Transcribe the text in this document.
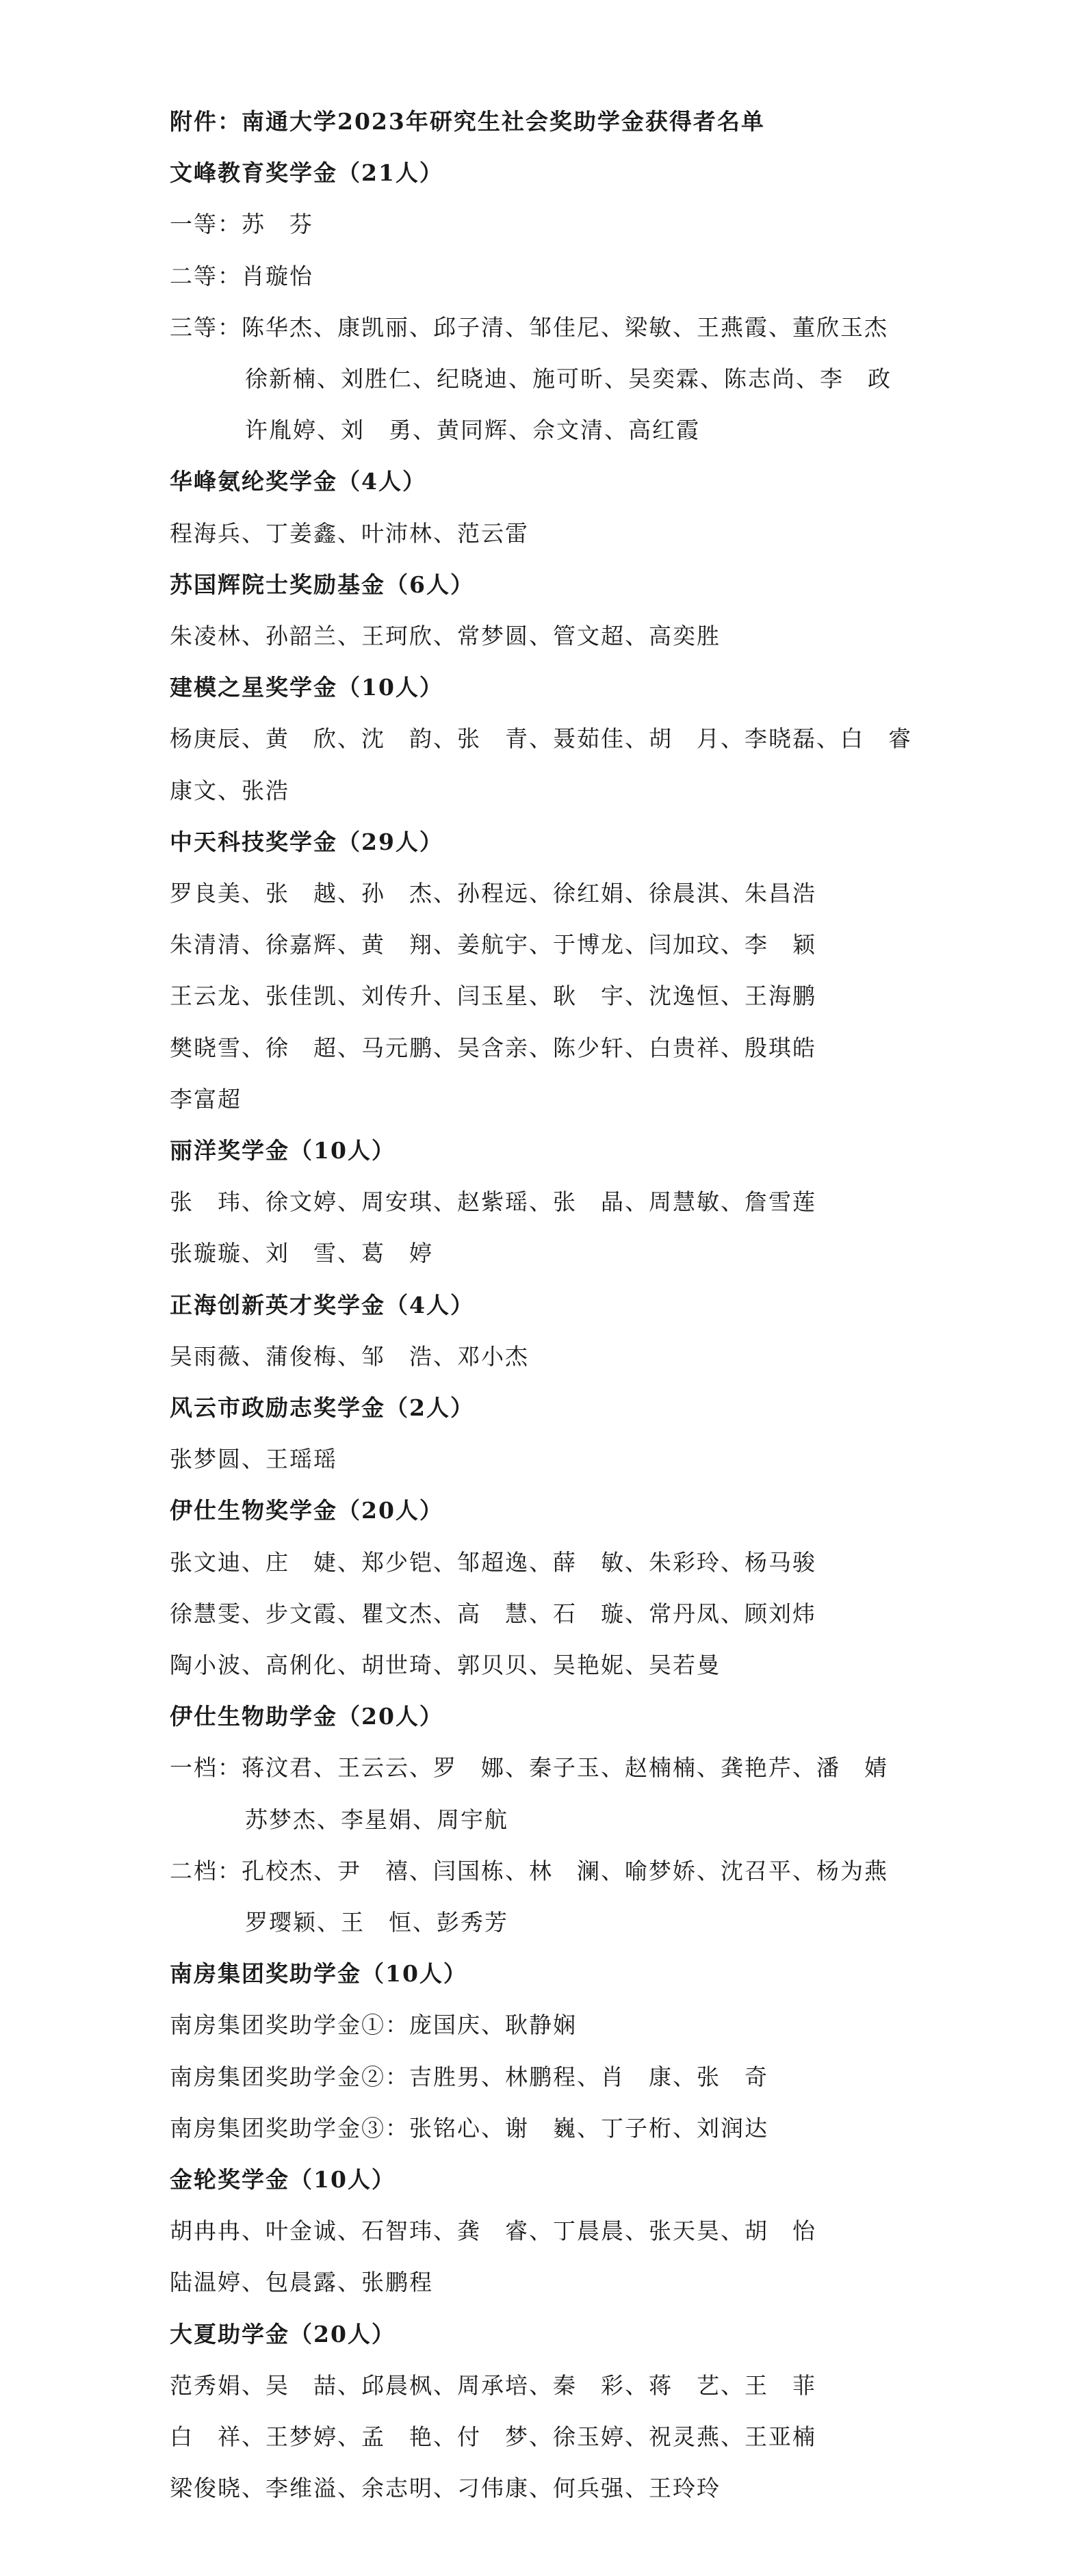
附件：南通大学2023年研究生社会奖助学金获得者名单
文峰教育奖学金（21人）
一等：苏　芬
二等：肖璇怡
三等：陈华杰、康凯丽、邱子清、邹佳尼、梁敏、王燕霞、董欣玉杰
徐新楠、刘胜仁、纪晓迪、施可昕、吴奕霖、陈志尚、李　政
许胤婷、刘　勇、黄同辉、佘文清、高红霞
华峰氨纶奖学金（4人）
程海兵、丁姜鑫、叶沛林、范云雷
苏国辉院士奖励基金（6人）
朱凌林、孙韶兰、王珂欣、常梦圆、管文超、高奕胜
建模之星奖学金（10人）
杨庚辰、黄　欣、沈　韵、张　青、聂茹佳、胡　月、李晓磊、白　睿
康文、张浩
中天科技奖学金（29人）
罗良美、张　越、孙　杰、孙程远、徐红娟、徐晨淇、朱昌浩
朱清清、徐嘉辉、黄　翔、姜航宇、于博龙、闫加玟、李　颖
王云龙、张佳凯、刘传升、闫玉星、耿　宇、沈逸恒、王海鹏
樊晓雪、徐　超、马元鹏、吴含亲、陈少轩、白贵祥、殷琪皓
李富超
丽洋奖学金（10人）
张　玮、徐文婷、周安琪、赵紫瑶、张　晶、周慧敏、詹雪莲
张璇璇、刘　雪、葛　婷
正海创新英才奖学金（4人）
吴雨薇、蒲俊梅、邹　浩、邓小杰
风云市政励志奖学金（2人）
张梦圆、王瑶瑶
伊仕生物奖学金（20人）
张文迪、庄　婕、郑少铠、邹超逸、薛　敏、朱彩玲、杨马骏
徐慧雯、步文霞、瞿文杰、高　慧、石　璇、常丹凤、顾刘炜
陶小波、高俐化、胡世琦、郭贝贝、吴艳妮、吴若曼
伊仕生物助学金（20人）
一档：蒋汶君、王云云、罗　娜、秦子玉、赵楠楠、龚艳芹、潘　婧
苏梦杰、李星娟、周宇航
二档：孔校杰、尹　禧、闫国栋、林　澜、喻梦娇、沈召平、杨为燕
罗璎颖、王　恒、彭秀芳
南房集团奖助学金（10人）
南房集团奖助学金①：庞国庆、耿静娴
南房集团奖助学金②：吉胜男、林鹏程、肖　康、张　奇
南房集团奖助学金③：张铭心、谢　巍、丁子桁、刘润达
金轮奖学金（10人）
胡冉冉、叶金诚、石智玮、龚　睿、丁晨晨、张天昊、胡　怡
陆温婷、包晨露、张鹏程
大夏助学金（20人）
范秀娟、吴　喆、邱晨枫、周承培、秦　彩、蒋　艺、王　菲
白　祥、王梦婷、孟　艳、付　梦、徐玉婷、祝灵燕、王亚楠
梁俊晓、李维溢、余志明、刁伟康、何兵强、王玲玲
